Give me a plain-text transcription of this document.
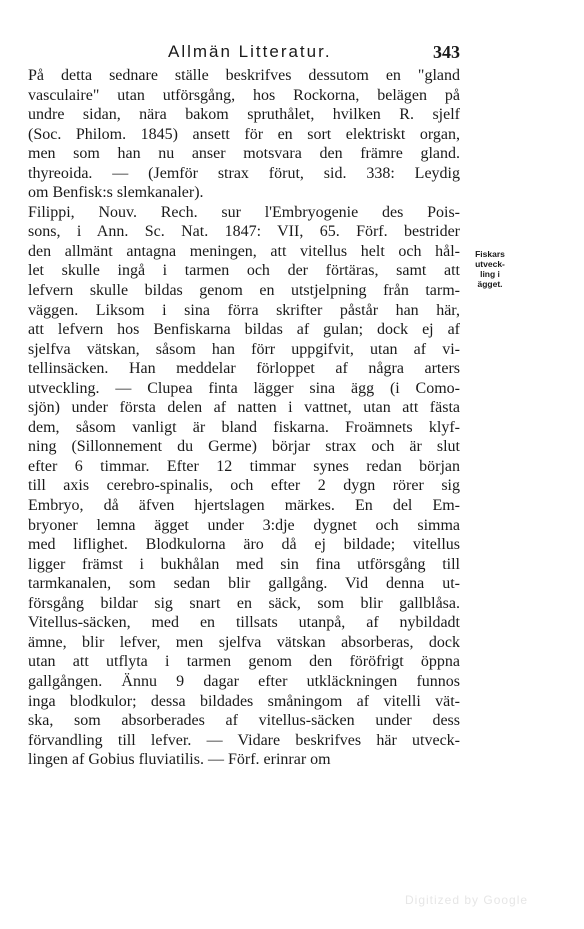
Allmän Litteratur.	343
På detta sednare ställe beskrifves dessutom en "gland
vasculaire" utan utförsgång, hos Rockorna, belägen på
undre sidan, nära bakom spruthålet, hvilken R. sjelf
(Soc. Philom. 1845) ansett för en sort elektriskt organ,
men som han nu anser motsvara den främre gland.
thyreoida. — (Jemför strax förut, sid. 338: Leydig
om Benfisk:s slemkanaler).
Filippi, Nouv. Rech. sur l'Embryogenie des Pois-
sons, i Ann. Sc. Nat. 1847: VII, 65. Förf. bestrider
den allmänt antagna meningen, att vitellus helt och hål-
let skulle ingå i tarmen och der förtäras, samt att
lefvern skulle bildas genom en utstjelpning från tarm-
väggen. Liksom i sina förra skrifter påstår han här,
att lefvern hos Benfiskarna bildas af gulan; dock ej af
sjelfva vätskan, såsom han förr uppgifvit, utan af vi-
tellinsäcken. Han meddelar förloppet af några arters
utveckling. — Clupea finta lägger sina ägg (i Como-
sjön) under första delen af natten i vattnet, utan att fästa
dem, såsom vanligt är bland fiskarna. Froämnets klyf-
ning (Sillonnement du Germe) börjar strax och är slut
efter 6 timmar. Efter 12 timmar synes redan början
till axis cerebro-spinalis, och efter 2 dygn rörer sig
Embryo, då äfven hjertslagen märkes. En del Em-
bryoner lemna ägget under 3:dje dygnet och simma
med liflighet. Blodkulorna äro då ej bildade; vitellus
ligger främst i bukhålan med sin fina utförsgång till
tarmkanalen, som sedan blir gallgång. Vid denna ut-
försgång bildar sig snart en säck, som blir gallblåsa.
Vitellus-säcken, med en tillsats utanpå, af nybildadt
ämne, blir lefver, men sjelfva vätskan absorberas, dock
utan att utflyta i tarmen genom den föröfrigt öppna
gallgången. Ännu 9 dagar efter utkläckningen funnos
inga blodkulor; dessa bildades småningom af vitelli vät-
ska, som absorberades af vitellus-säcken under dess
förvandling till lefver. — Vidare beskrifves här utveck-
lingen af Gobius fluviatilis. — Förf. erinrar om
Fiskars
utveck-
ling i
ägget.
Digitized by Google
